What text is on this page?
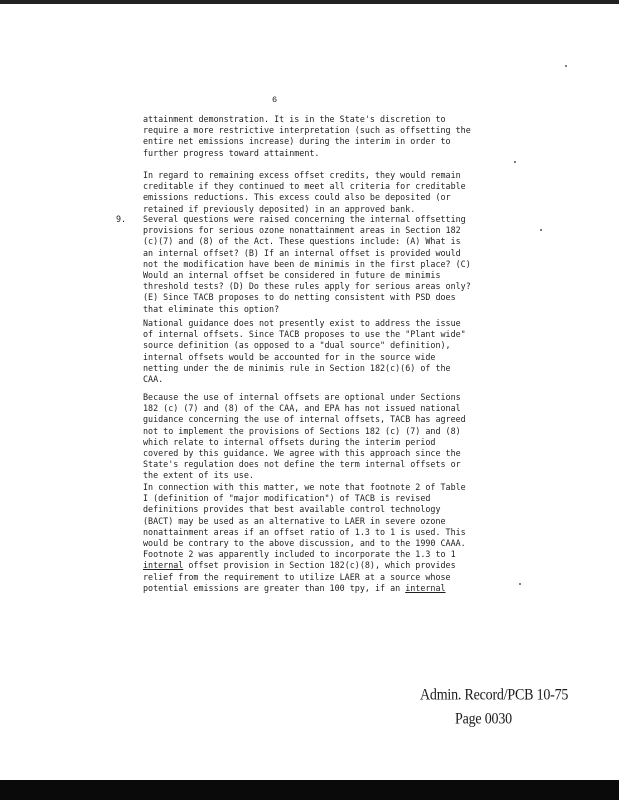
6
attainment demonstration. It is in the State's discretion to
require a more restrictive interpretation (such as offsetting the
entire net emissions increase) during the interim in order to
further progress toward attainment.
In regard to remaining excess offset credits, they would remain
creditable if they continued to meet all criteria for creditable
emissions reductions. This excess could also be deposited (or
retained if previously deposited) in an approved bank.
9. Several questions were raised concerning the internal offsetting
provisions for serious ozone nonattainment areas in Section 182
(c)(7) and (8) of the Act. These questions include: (A) What is
an internal offset? (B) If an internal offset is provided would
not the modification have been de minimis in the first place? (C)
Would an internal offset be considered in future de minimis
threshold tests? (D) Do these rules apply for serious areas only?
(E) Since TACB proposes to do netting consistent with PSD does
that eliminate this option?
National guidance does not presently exist to address the issue
of internal offsets. Since TACB proposes to use the "Plant wide"
source definition (as opposed to a "dual source" definition),
internal offsets would be accounted for in the source wide
netting under the de minimis rule in Section 182(c)(6) of the
CAA.
Because the use of internal offsets are optional under Sections
182 (c) (7) and (8) of the CAA, and EPA has not issued national
guidance concerning the use of internal offsets, TACB has agreed
not to implement the provisions of Sections 182 (c) (7) and (8)
which relate to internal offsets during the interim period
covered by this guidance. We agree with this approach since the
State's regulation does not define the term internal offsets or
the extent of its use.
In connection with this matter, we note that footnote 2 of Table
I (definition of "major modification") of TACB is revised
definitions provides that best available control technology
(BACT) may be used as an alternative to LAER in severe ozone
nonattainment areas if an offset ratio of 1.3 to 1 is used. This
would be contrary to the above discussion, and to the 1990 CAAA.
Footnote 2 was apparently included to incorporate the 1.3 to 1
internal offset provision in Section 182(c)(8), which provides
relief from the requirement to utilize LAER at a source whose
potential emissions are greater than 100 tpy, if an internal
Admin. Record/PCB 10-75
Page 0030
